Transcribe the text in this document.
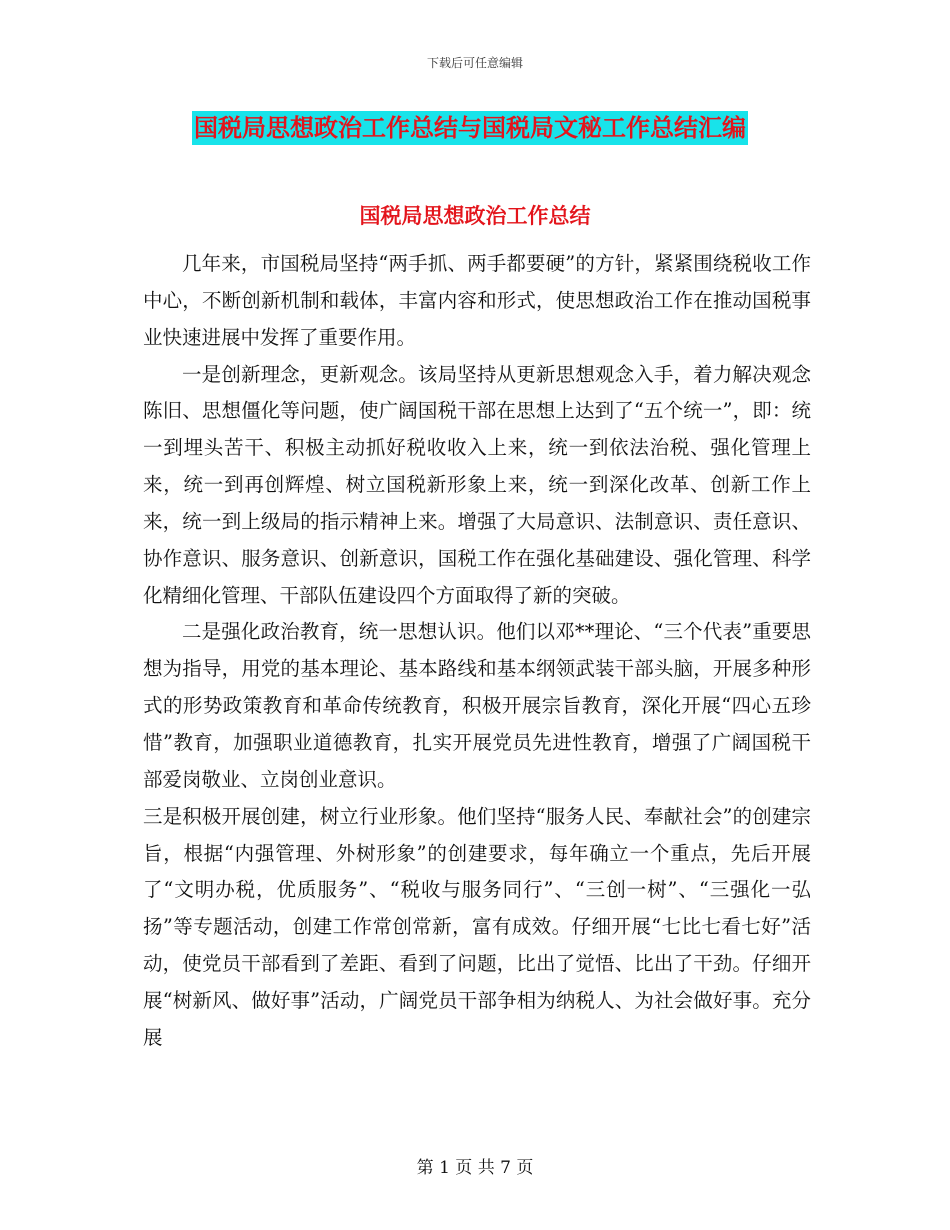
下载后可任意编辑
国税局思想政治工作总结与国税局文秘工作总结汇编
国税局思想政治工作总结

几年来，市国税局坚持“两手抓、两手都要硬”的方针，紧紧围绕税收工作中心，不断创新机制和载体，丰富内容和形式，使思想政治工作在推动国税事业快速进展中发挥了重要作用。

一是创新理念，更新观念。该局坚持从更新思想观念入手，着力解决观念陈旧、思想僵化等问题，使广阔国税干部在思想上达到了“五个统一”，即：统一到埋头苦干、积极主动抓好税收收入上来，统一到依法治税、强化管理上来，统一到再创辉煌、树立国税新形象上来，统一到深化改革、创新工作上来，统一到上级局的指示精神上来。增强了大局意识、法制意识、责任意识、协作意识、服务意识、创新意识，国税工作在强化基础建设、强化管理、科学化精细化管理、干部队伍建设四个方面取得了新的突破。

二是强化政治教育，统一思想认识。他们以邓**理论、“三个代表”重要思想为指导，用党的基本理论、基本路线和基本纲领武装干部头脑，开展多种形式的形势政策教育和革命传统教育，积极开展宗旨教育，深化开展“四心五珍惜”教育，加强职业道德教育，扎实开展党员先进性教育，增强了广阔国税干部爱岗敬业、立岗创业意识。

三是积极开展创建，树立行业形象。他们坚持“服务人民、奉献社会”的创建宗旨，根据“内强管理、外树形象”的创建要求，每年确立一个重点，先后开展了“文明办税，优质服务”、“税收与服务同行”、“三创一树”、“三强化一弘扬”等专题活动，创建工作常创常新，富有成效。仔细开展“七比七看七好”活动，使党员干部看到了差距、看到了问题，比出了觉悟、比出了干劲。仔细开展“树新风、做好事”活动，广阔党员干部争相为纳税人、为社会做好事。充分展

第 1 页 共 7 页
